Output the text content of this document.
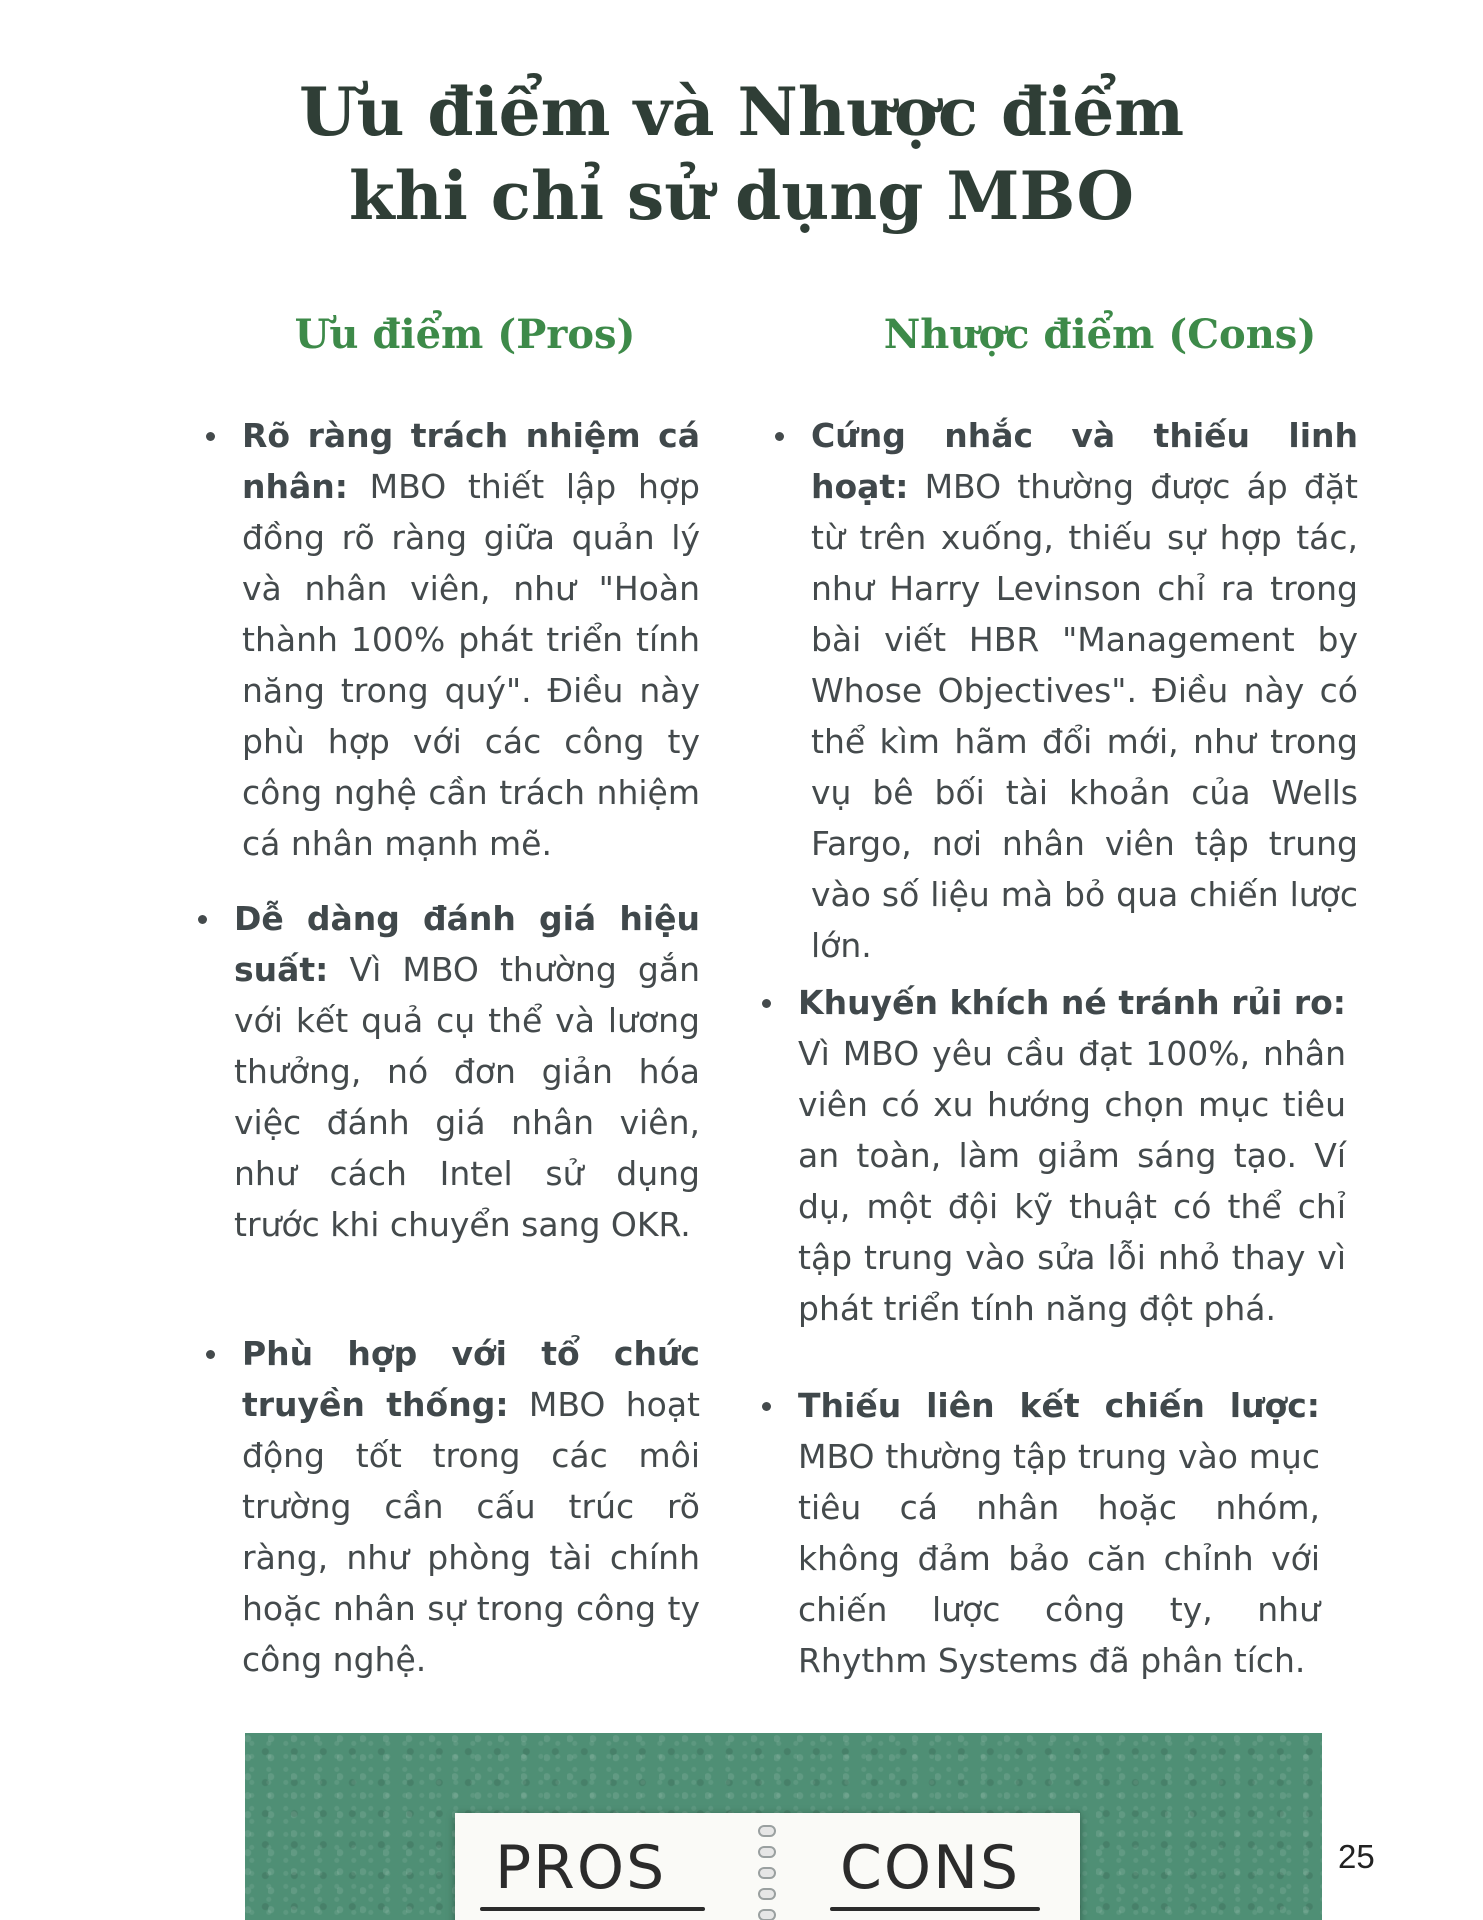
Ưu điểm và Nhược điểm
khi chỉ sử dụng MBO
Ưu điểm (Pros)	Nhược điểm (Cons)

Rõ ràng trách nhiệm cá nhân: MBO thiết lập hợp đồng rõ ràng giữa quản lý và nhân viên, như "Hoàn thành 100% phát triển tính năng trong quý". Điều này phù hợp với các công ty công nghệ cần trách nhiệm cá nhân mạnh mẽ.

Dễ dàng đánh giá hiệu suất: Vì MBO thường gắn với kết quả cụ thể và lương thưởng, nó đơn giản hóa việc đánh giá nhân viên, như cách Intel sử dụng trước khi chuyển sang OKR.

Phù hợp với tổ chức truyền thống: MBO hoạt động tốt trong các môi trường cần cấu trúc rõ ràng, như phòng tài chính hoặc nhân sự trong công ty công nghệ.

Cứng nhắc và thiếu linh hoạt: MBO thường được áp đặt từ trên xuống, thiếu sự hợp tác, như Harry Levinson chỉ ra trong bài viết HBR "Management by Whose Objectives". Điều này có thể kìm hãm đổi mới, như trong vụ bê bối tài khoản của Wells Fargo, nơi nhân viên tập trung vào số liệu mà bỏ qua chiến lược lớn.

Khuyến khích né tránh rủi ro: Vì MBO yêu cầu đạt 100%, nhân viên có xu hướng chọn mục tiêu an toàn, làm giảm sáng tạo. Ví dụ, một đội kỹ thuật có thể chỉ tập trung vào sửa lỗi nhỏ thay vì phát triển tính năng đột phá.

Thiếu liên kết chiến lược: MBO thường tập trung vào mục tiêu cá nhân hoặc nhóm, không đảm bảo căn chỉnh với chiến lược công ty, như Rhythm Systems đã phân tích.

PROS	CONS	25
